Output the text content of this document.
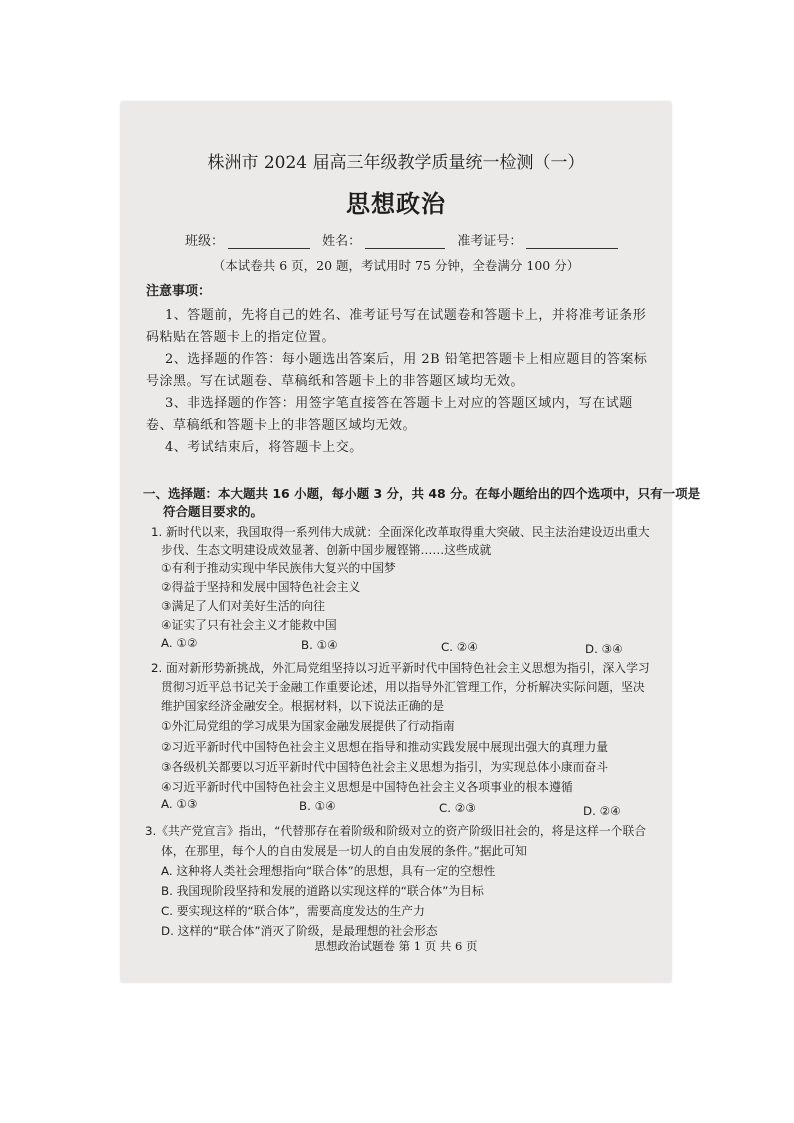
株洲市 2024 届高三年级教学质量统一检测（一）
思想政治
班级：	姓名：	准考证号：
（本试卷共 6 页，20 题，考试用时 75 分钟，全卷满分 100 分）
注意事项：
1、答题前，先将自己的姓名、准考证号写在试题卷和答题卡上，并将准考证条形
码粘贴在答题卡上的指定位置。
2、选择题的作答：每小题选出答案后，用 2B 铅笔把答题卡上相应题目的答案标
号涂黑。写在试题卷、草稿纸和答题卡上的非答题区域均无效。
3、非选择题的作答：用签字笔直接答在答题卡上对应的答题区域内，写在试题
卷、草稿纸和答题卡上的非答题区域均无效。
4、考试结束后，将答题卡上交。
一、选择题：本大题共 16 小题，每小题 3 分，共 48 分。在每小题给出的四个选项中，只有一项是
符合题目要求的。
1. 新时代以来，我国取得一系列伟大成就：全面深化改革取得重大突破、民主法治建设迈出重大
步伐、生态文明建设成效显著、创新中国步履铿锵……这些成就
①有利于推动实现中华民族伟大复兴的中国梦
②得益于坚持和发展中国特色社会主义
③满足了人们对美好生活的向往
④证实了只有社会主义才能救中国
A. ①②	B. ①④	C. ②④	D. ③④
2. 面对新形势新挑战，外汇局党组坚持以习近平新时代中国特色社会主义思想为指引，深入学习
贯彻习近平总书记关于金融工作重要论述，用以指导外汇管理工作，分析解决实际问题，坚决
维护国家经济金融安全。根据材料，以下说法正确的是
①外汇局党组的学习成果为国家金融发展提供了行动指南
②习近平新时代中国特色社会主义思想在指导和推动实践发展中展现出强大的真理力量
③各级机关都要以习近平新时代中国特色社会主义思想为指引，为实现总体小康而奋斗
④习近平新时代中国特色社会主义思想是中国特色社会主义各项事业的根本遵循
A. ①③	B. ①④	C. ②③	D. ②④
3.《共产党宣言》指出，“代替那存在着阶级和阶级对立的资产阶级旧社会的，将是这样一个联合
体，在那里，每个人的自由发展是一切人的自由发展的条件。”据此可知
A. 这种将人类社会理想指向“联合体”的思想，具有一定的空想性
B. 我国现阶段坚持和发展的道路以实现这样的“联合体”为目标
C. 要实现这样的“联合体”，需要高度发达的生产力
D. 这样的“联合体”消灭了阶级，是最理想的社会形态
思想政治试题卷 第 1 页 共 6 页
